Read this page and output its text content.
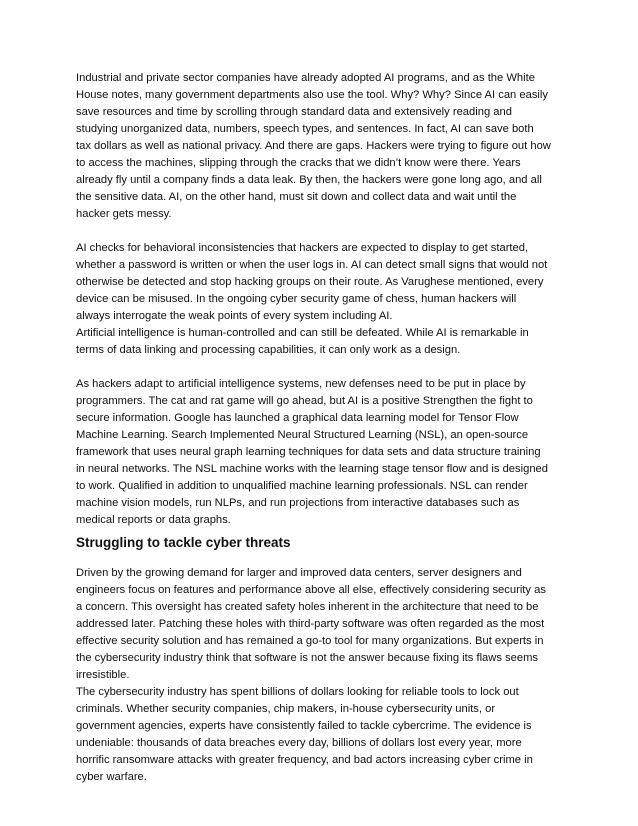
Industrial and private sector companies have already adopted AI programs, and as the White
House notes, many government departments also use the tool. Why? Why? Since AI can easily
save resources and time by scrolling through standard data and extensively reading and
studying unorganized data, numbers, speech types, and sentences. In fact, AI can save both
tax dollars as well as national privacy. And there are gaps. Hackers were trying to figure out how
to access the machines, slipping through the cracks that we didn’t know were there. Years
already fly until a company finds a data leak. By then, the hackers were gone long ago, and all
the sensitive data. AI, on the other hand, must sit down and collect data and wait until the
hacker gets messy.

AI checks for behavioral inconsistencies that hackers are expected to display to get started,
whether a password is written or when the user logs in. AI can detect small signs that would not
otherwise be detected and stop hacking groups on their route. As Varughese mentioned, every
device can be misused. In the ongoing cyber security game of chess, human hackers will
always interrogate the weak points of every system including AI.

Artificial intelligence is human-controlled and can still be defeated. While AI is remarkable in
terms of data linking and processing capabilities, it can only work as a design.

As hackers adapt to artificial intelligence systems, new defenses need to be put in place by
programmers. The cat and rat game will go ahead, but AI is a positive Strengthen the fight to
secure information. Google has launched a graphical data learning model for Tensor Flow
Machine Learning. Search Implemented Neural Structured Learning (NSL), an open-source
framework that uses neural graph learning techniques for data sets and data structure training
in neural networks. The NSL machine works with the learning stage tensor flow and is designed
to work. Qualified in addition to unqualified machine learning professionals. NSL can render
machine vision models, run NLPs, and run projections from interactive databases such as
medical reports or data graphs.

Struggling to tackle cyber threats

Driven by the growing demand for larger and improved data centers, server designers and
engineers focus on features and performance above all else, effectively considering security as
a concern. This oversight has created safety holes inherent in the architecture that need to be
addressed later. Patching these holes with third-party software was often regarded as the most
effective security solution and has remained a go-to tool for many organizations. But experts in
the cybersecurity industry think that software is not the answer because fixing its flaws seems
irresistible.

The cybersecurity industry has spent billions of dollars looking for reliable tools to lock out
criminals. Whether security companies, chip makers, in-house cybersecurity units, or
government agencies, experts have consistently failed to tackle cybercrime. The evidence is
undeniable: thousands of data breaches every day, billions of dollars lost every year, more
horrific ransomware attacks with greater frequency, and bad actors increasing cyber crime in
cyber warfare.
